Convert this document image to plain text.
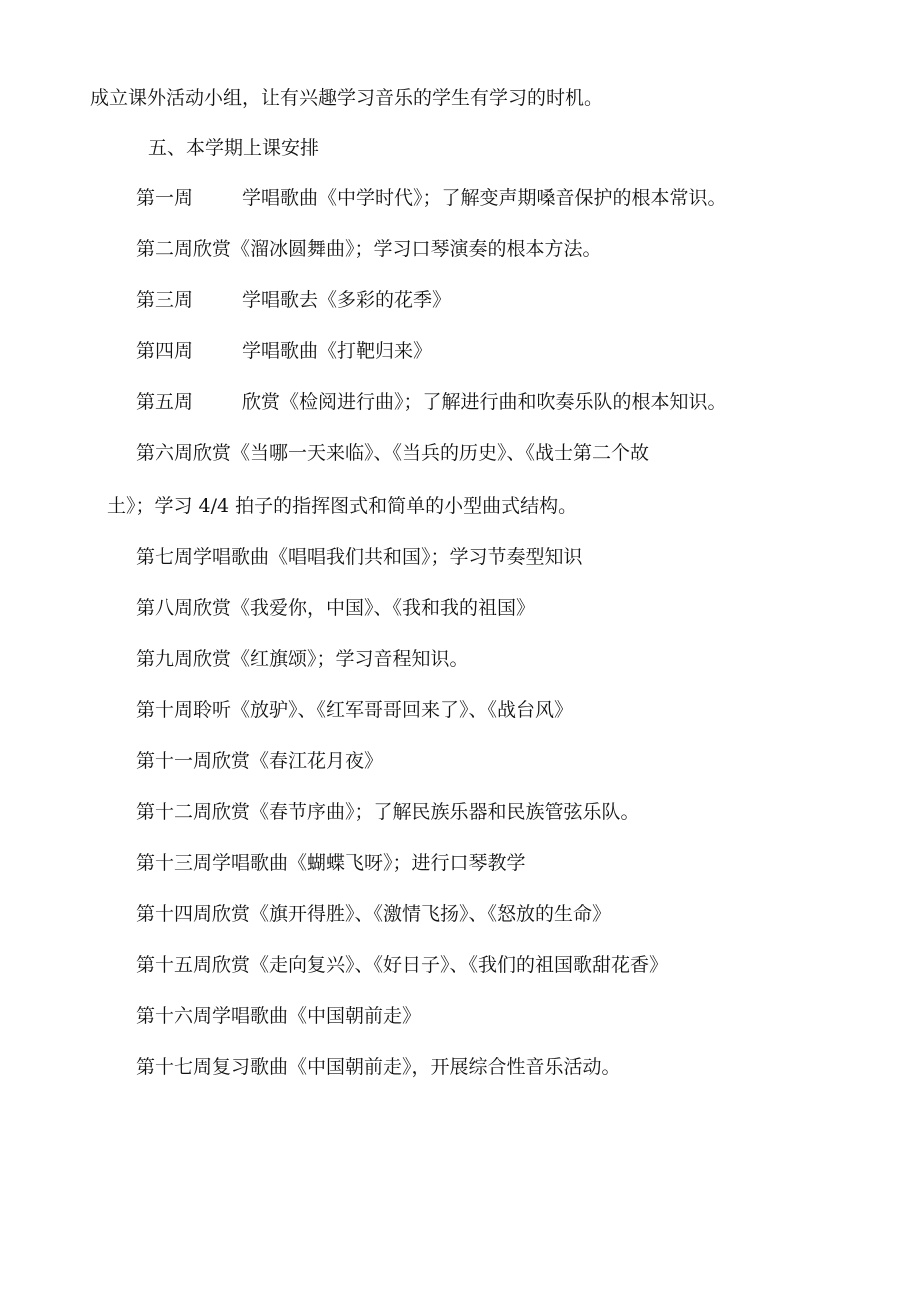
成立课外活动小组，让有兴趣学习音乐的学生有学习的时机。
五、本学期上课安排
第一周	学唱歌曲《中学时代》；了解变声期嗓音保护的根本常识。
第二周欣赏《溜冰圆舞曲》；学习口琴演奏的根本方法。
第三周	学唱歌去《多彩的花季》
第四周	学唱歌曲《打靶归来》
第五周	欣赏《检阅进行曲》；了解进行曲和吹奏乐队的根本知识。
第六周欣赏《当哪一天来临》、《当兵的历史》、《战士第二个故
土》；学习 4/4 拍子的指挥图式和简单的小型曲式结构。
第七周学唱歌曲《唱唱我们共和国》；学习节奏型知识
第八周欣赏《我爱你，中国》、《我和我的祖国》
第九周欣赏《红旗颂》；学习音程知识。
第十周聆听《放驴》、《红军哥哥回来了》、《战台风》
第十一周欣赏《春江花月夜》
第十二周欣赏《春节序曲》；了解民族乐器和民族管弦乐队。
第十三周学唱歌曲《蝴蝶飞呀》；进行口琴教学
第十四周欣赏《旗开得胜》、《激情飞扬》、《怒放的生命》
第十五周欣赏《走向复兴》、《好日子》、《我们的祖国歌甜花香》
第十六周学唱歌曲《中国朝前走》
第十七周复习歌曲《中国朝前走》，开展综合性音乐活动。
